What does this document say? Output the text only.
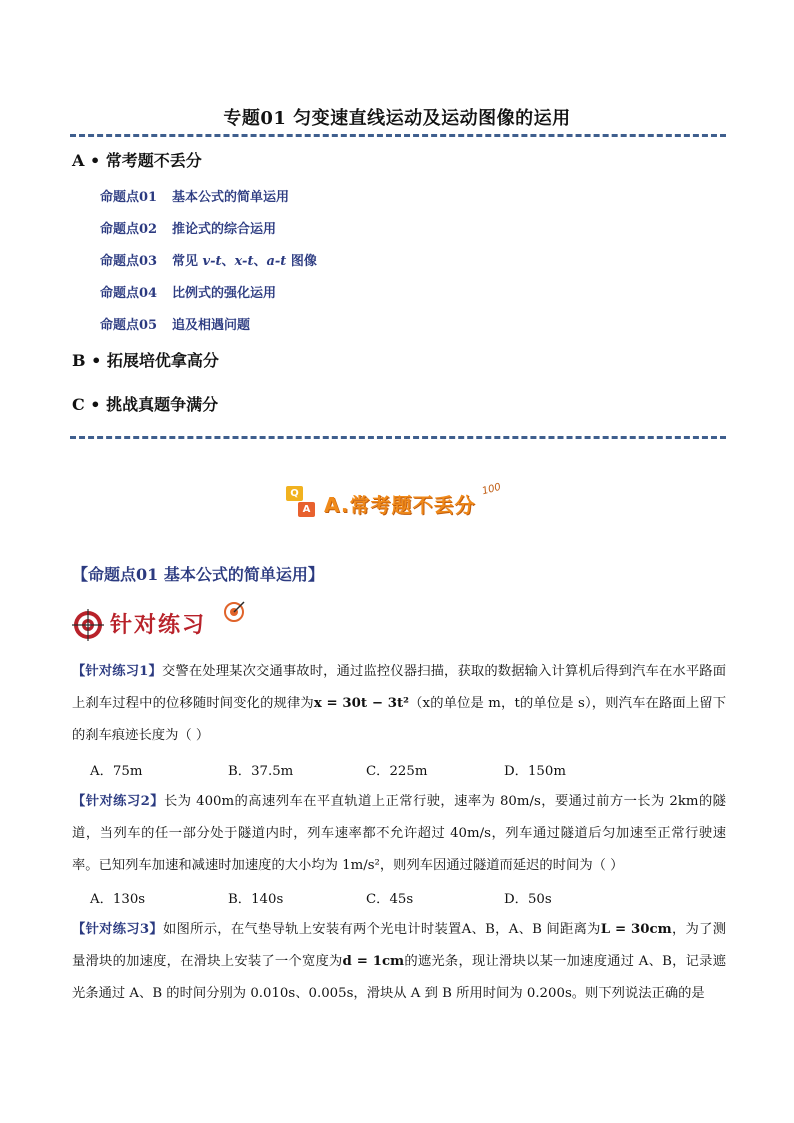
专题01 匀变速直线运动及运动图像的运用
A • 常考题不丢分
命题点01 基本公式的简单运用
命题点02 推论式的综合运用
命题点03 常见 v-t、x-t、a-t 图像
命题点04 比例式的强化运用
命题点05 追及相遇问题
B • 拓展培优拿高分
C • 挑战真题争满分
Q
A A.常考题不丢分
100
【命题点01 基本公式的简单运用】
针对练习
【针对练习1】交警在处理某次交通事故时，通过监控仪器扫描，获取的数据输入计算机后得到汽车在水平路面上刹车过程中的位移随时间变化的规律为x = 30t − 3t²（x的单位是 m，t的单位是 s），则汽车在路面上留下的刹车痕迹长度为（ ）
A．75m	B．37.5m	C．225m	D．150m
【针对练习2】长为 400m的高速列车在平直轨道上正常行驶，速率为 80m/s，要通过前方一长为 2km的隧道，当列车的任一部分处于隧道内时，列车速率都不允许超过 40m/s，列车通过隧道后匀加速至正常行驶速率。已知列车加速和减速时加速度的大小均为 1m/s²，则列车因通过隧道而延迟的时间为（ ）
A．130s	B．140s	C．45s	D．50s
【针对练习3】如图所示，在气垫导轨上安装有两个光电计时装置A、B，A、B 间距离为L = 30cm，为了测量滑块的加速度，在滑块上安装了一个宽度为d = 1cm的遮光条，现让滑块以某一加速度通过 A、B，记录遮光条通过 A、B 的时间分别为 0.010s、0.005s，滑块从 A 到 B 所用时间为 0.200s。则下列说法正确的是
